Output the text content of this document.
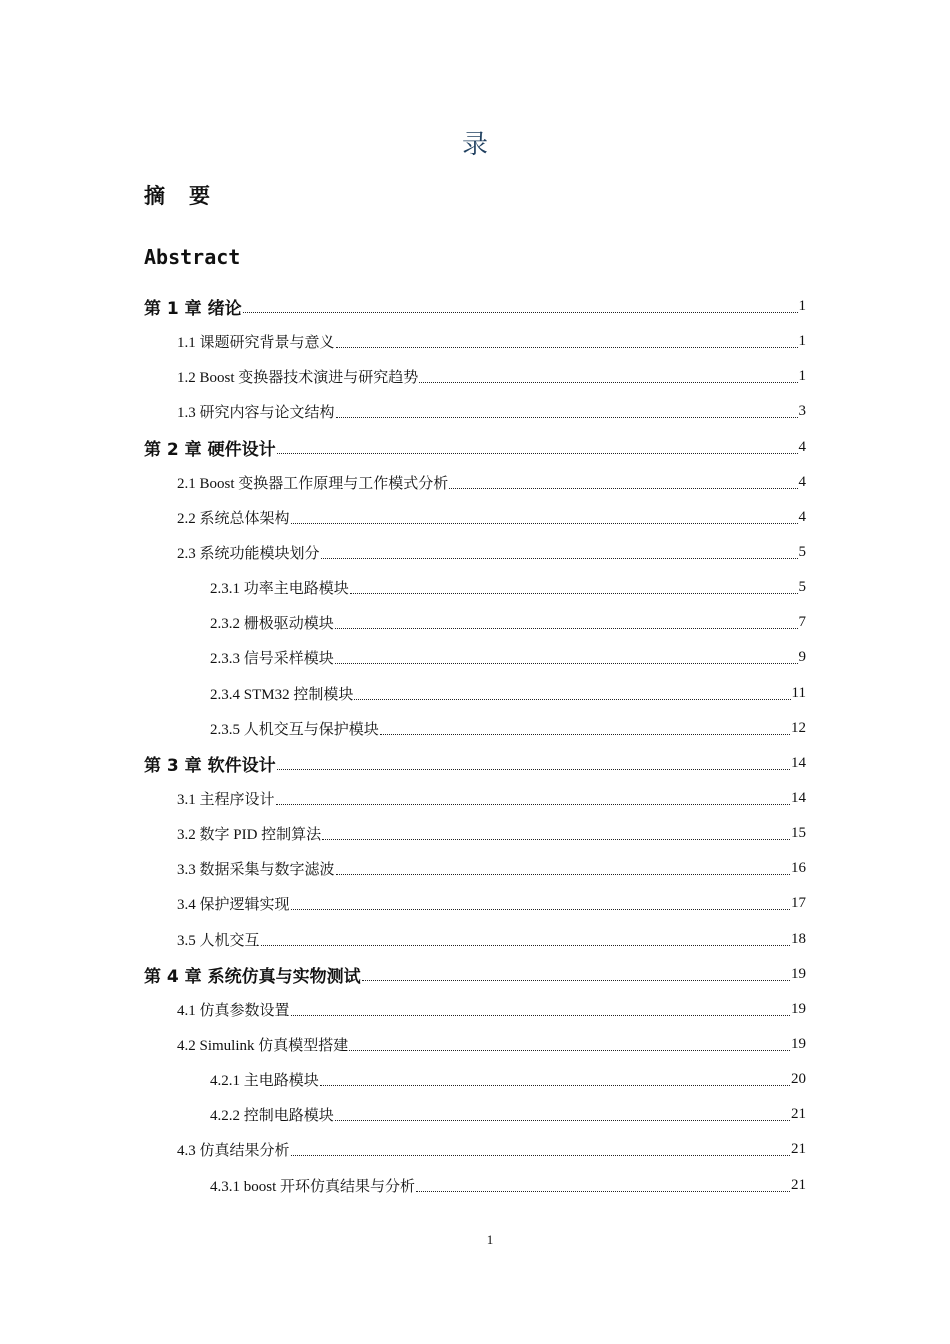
录
摘要
Abstract
第 1 章 绪论	1
1.1 课题研究背景与意义	1
1.2 Boost 变换器技术演进与研究趋势	1
1.3 研究内容与论文结构	3
第 2 章 硬件设计	4
2.1 Boost 变换器工作原理与工作模式分析	4
2.2 系统总体架构	4
2.3 系统功能模块划分	5
2.3.1 功率主电路模块	5
2.3.2 栅极驱动模块	7
2.3.3 信号采样模块	9
2.3.4 STM32 控制模块	11
2.3.5 人机交互与保护模块	12
第 3 章 软件设计	14
3.1 主程序设计	14
3.2 数字 PID 控制算法	15
3.3 数据采集与数字滤波	16
3.4 保护逻辑实现	17
3.5 人机交互	18
第 4 章 系统仿真与实物测试	19
4.1 仿真参数设置	19
4.2 Simulink 仿真模型搭建	19
4.2.1 主电路模块	20
4.2.2 控制电路模块	21
4.3 仿真结果分析	21
4.3.1 boost 开环仿真结果与分析	21
1
